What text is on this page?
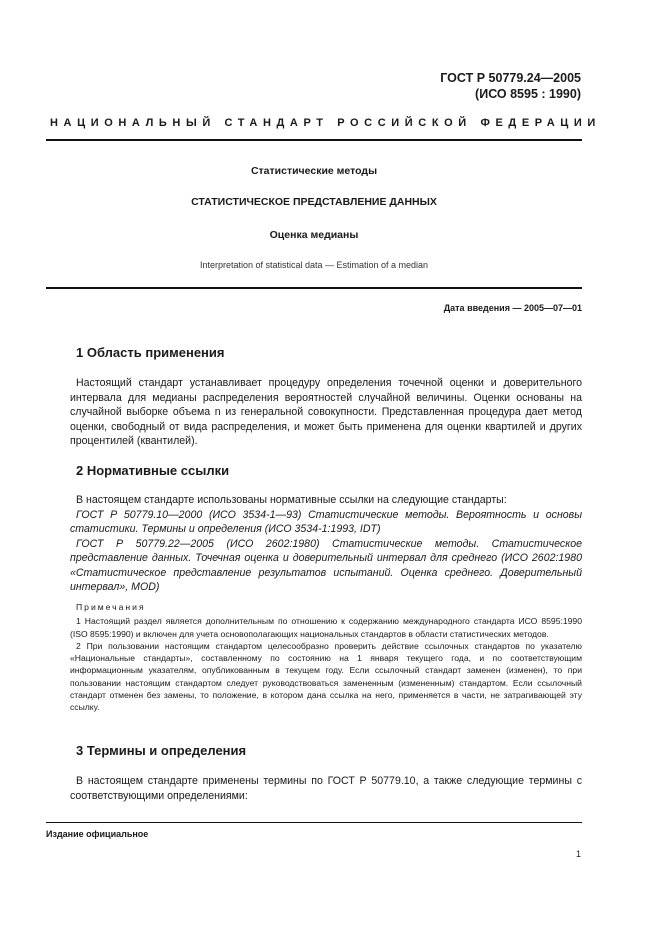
ГОСТ Р 50779.24—2005
(ИСО 8595 : 1990)
НАЦИОНАЛЬНЫЙ СТАНДАРТ РОССИЙСКОЙ ФЕДЕРАЦИИ
Статистические методы
СТАТИСТИЧЕСКОЕ ПРЕДСТАВЛЕНИЕ ДАННЫХ
Оценка медианы
Interpretation of statistical data — Estimation of a median
Дата введения — 2005—07—01
1 Область применения

Настоящий стандарт устанавливает процедуру определения точечной оценки и доверительного интервала для медианы распределения вероятностей случайной величины. Оценки основаны на случайной выборке объема n из генеральной совокупности. Представленная процедура дает метод оценки, свободный от вида распределения, и может быть применена для оценки квартилей и других процентилей (квантилей).

2 Нормативные ссылки

В настоящем стандарте использованы нормативные ссылки на следующие стандарты:

ГОСТ Р 50779.10—2000 (ИСО 3534-1—93) Статистические методы. Вероятность и основы статистики. Термины и определения (ИСО 3534-1:1993, IDT)

ГОСТ Р 50779.22—2005 (ИСО 2602:1980) Статистические методы. Статистическое представление данных. Точечная оценка и доверительный интервал для среднего (ИСО 2602:1980 «Статистическое представление результатов испытаний. Оценка среднего. Доверительный интервал», MOD)

Примечания

1 Настоящий раздел является дополнительным по отношению к содержанию международного стандарта ИСО 8595:1990 (ISO 8595:1990) и включен для учета основополагающих национальных стандартов в области статистических методов.

2 При пользовании настоящим стандартом целесообразно проверить действие ссылочных стандартов по указателю «Национальные стандарты», составленному по состоянию на 1 января текущего года, и по соответствующим информационным указателям, опубликованным в текущем году. Если ссылочный стандарт заменен (изменен), то при пользовании настоящим стандартом следует руководствоваться замененным (измененным) стандартом. Если ссылочный стандарт отменен без замены, то положение, в котором дана ссылка на него, применяется в части, не затрагивающей эту ссылку.

3 Термины и определения

В настоящем стандарте применены термины по ГОСТ Р 50779.10, а также следующие термины с соответствующими определениями:

Издание официальное
1
